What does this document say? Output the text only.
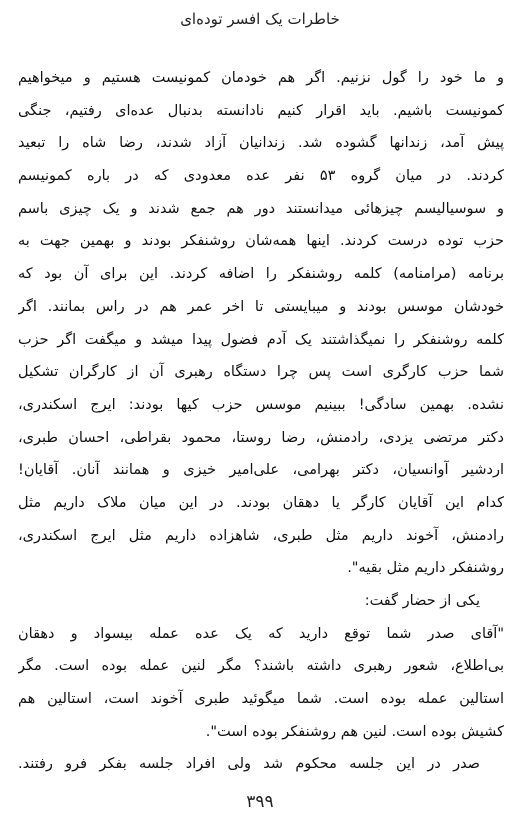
خاطرات یک افسر توده‌ای
و ما خود را گول نزنیم. اگر هم خودمان کمونیست هستیم و میخواهیم
کمونیست باشیم. باید اقرار کنیم نادانسته بدنبال عده‌ای رفتیم، جنگی
پیش آمد، زندانها گشوده شد. زندانیان آزاد شدند، رضا شاه را تبعید
کردند. در میان گروه ۵۳ نفر عده معدودی که در باره کمونیسم
و سوسیالیسم چیزهائی میدانستند دور هم جمع شدند و یک چیزی باسم
حزب توده درست کردند. اینها همه‌شان روشنفکر بودند و بهمین جهت به
برنامه (مرامنامه) کلمه روشنفکر را اضافه کردند. این برای آن بود که
خودشان موسس بودند و میبایستی تا اخر عمر هم در راس بمانند. اگر
کلمه روشنفکر را نمیگذاشتند یک آدم فضول پیدا میشد و میگفت اگر حزب
شما حزب کارگری است پس چرا دستگاه رهبری آن از کارگران تشکیل
نشده. بهمین سادگی! ببینیم موسس حزب کیها بودند: ایرج اسکندری،
دکتر مرتضی یزدی، رادمنش، رضا روستا، محمود بقراطی، احسان طبری،
اردشیر آوانسیان، دکتر بهرامی، علی‌امیر خیزی و همانند آنان. آقایان!
کدام این آقایان کارگر یا دهقان بودند. در این میان ملاک داریم مثل
رادمنش، آخوند داریم مثل طبری، شاهزاده داریم مثل ایرج اسکندری،
روشنفکر داریم مثل بقیه".
یکی از حضار گفت:
"آقای صدر شما توقع دارید که یک عده عمله بیسواد و دهقان
بی‌اطلاع، شعور رهبری داشته باشند؟ مگر لنین عمله بوده است. مگر
استالین عمله بوده است. شما میگوئید طبری آخوند است، استالین هم
کشیش بوده است. لنین هم روشنفکر بوده است".
صدر در این جلسه محکوم شد ولی افراد جلسه بفکر فرو رفتند.
۳۹۹
